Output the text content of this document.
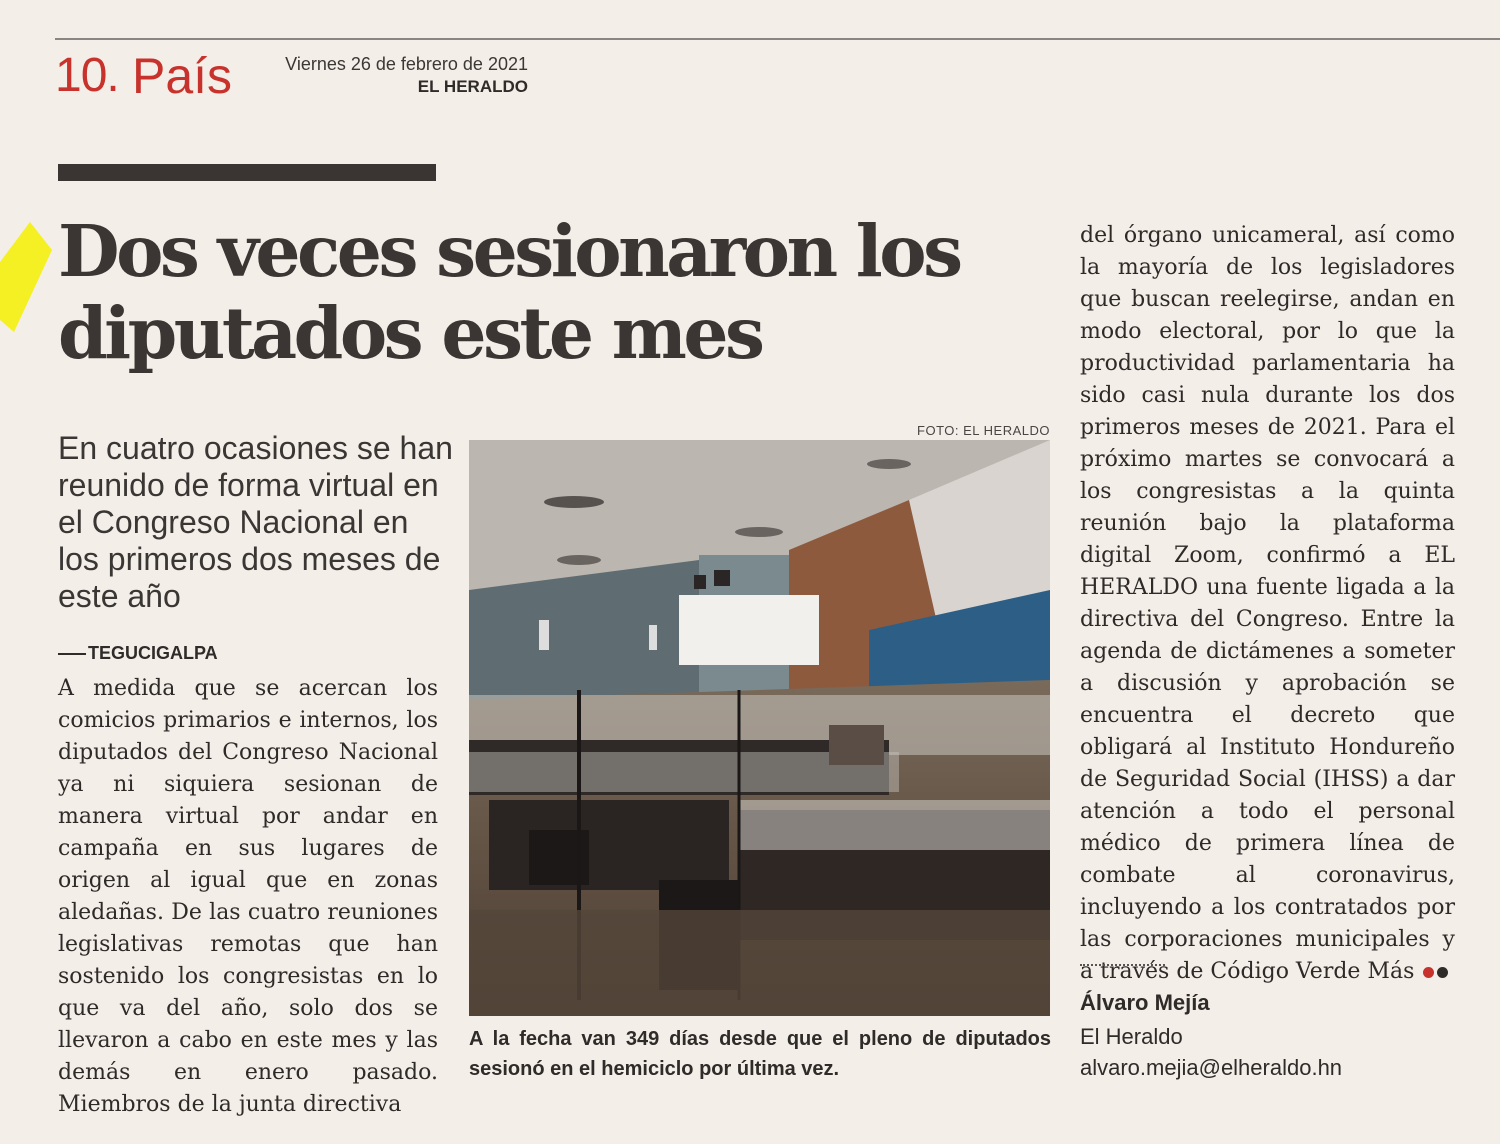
10. País	Viernes 26 de febrero de 2021
EL HERALDO
Dos veces sesionaron los diputados este mes

En cuatro ocasiones se han reunido de forma virtual en el Congreso Nacional en los primeros dos meses de este año

TEGUCIGALPA

A medida que se acercan los comicios primarios e internos, los diputados del Congreso Nacional ya ni siquiera sesionan de manera virtual por andar en campaña en sus lugares de origen al igual que en zonas aledañas. De las cuatro reuniones legislativas remotas que han sostenido los congresistas en lo que va del año, solo dos se llevaron a cabo en este mes y las demás en enero pasado. Miembros de la junta directiva

FOTO: EL HERALDO

A la fecha van 349 días desde que el pleno de diputados sesionó en el hemiciclo por última vez.

del órgano unicameral, así como la mayoría de los legisladores que buscan reelegirse, andan en modo electoral, por lo que la productividad parlamentaria ha sido casi nula durante los dos primeros meses de 2021. Para el próximo martes se convocará a los congresistas a la quinta reunión bajo la plataforma digital Zoom, confirmó a EL HERALDO una fuente ligada a la directiva del Congreso. Entre la agenda de dictámenes a someter a discusión y aprobación se encuentra el decreto que obligará al Instituto Hondureño de Seguridad Social (IHSS) a dar atención a todo el personal médico de primera línea de combate al coronavirus, incluyendo a los contratados por las corporaciones municipales y a través de Código Verde Más

Álvaro Mejía
El Heraldo
alvaro.mejia@elheraldo.hn
